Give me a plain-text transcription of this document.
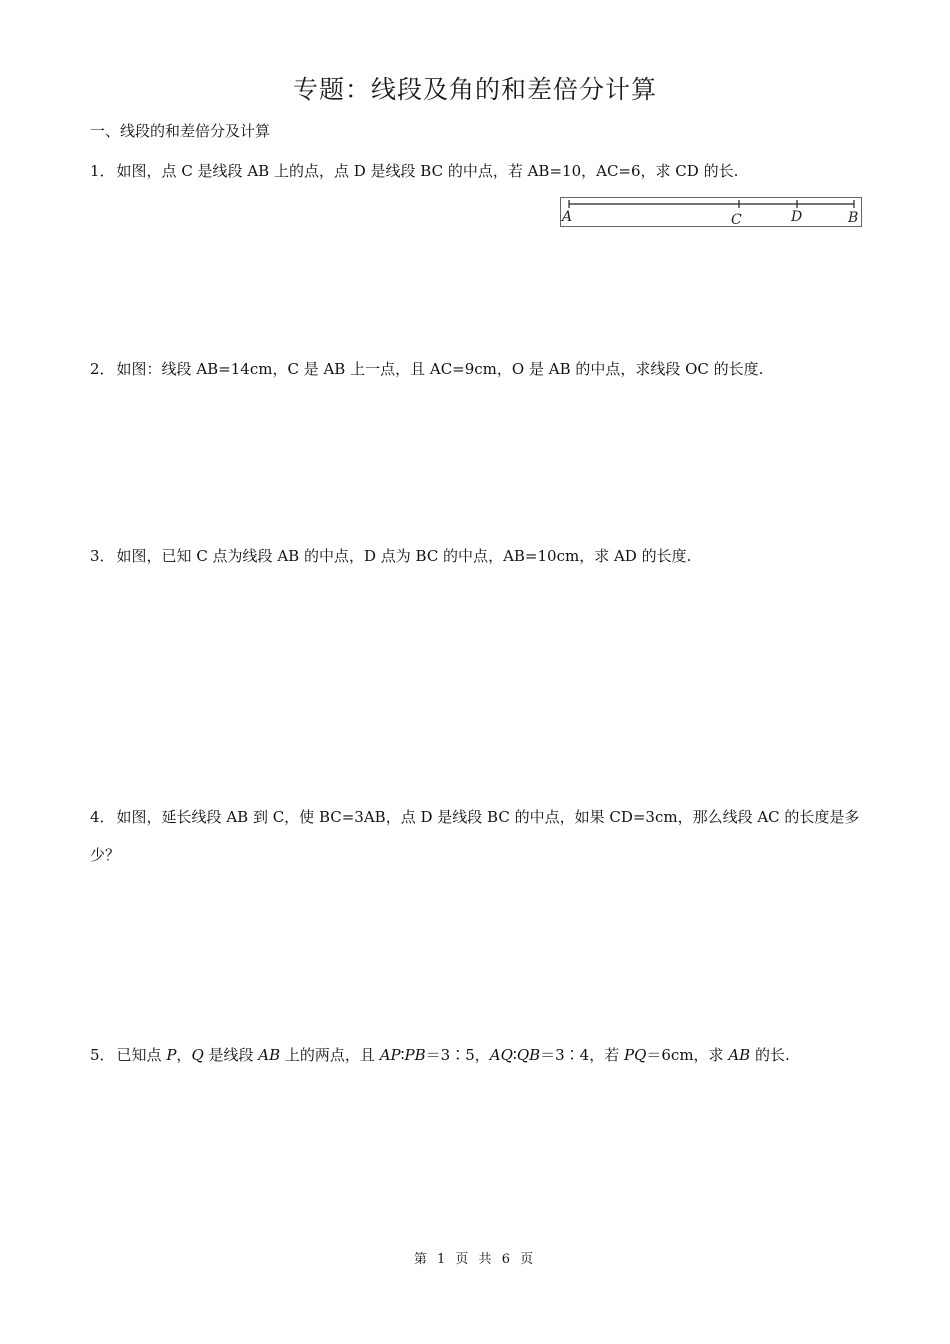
专题：线段及角的和差倍分计算
一、线段的和差倍分及计算
1． 如图，点 C 是线段 AB 上的点，点 D 是线段 BC 的中点，若 AB=10，AC=6，求 CD 的长.
A	C	D	B
2． 如图：线段 AB=14cm，C 是 AB 上一点，且 AC=9cm，O 是 AB 的中点，求线段 OC 的长度.
3． 如图，已知 C 点为线段 AB 的中点，D 点为 BC 的中点，AB=10cm，求 AD 的长度.
4． 如图，延长线段 AB 到 C，使 BC=3AB，点 D 是线段 BC 的中点，如果 CD=3cm，那么线段 AC 的长度是多少？
5． 已知点 P，Q 是线段 AB 上的两点，且 AP∶PB＝3∶5，AQ∶QB＝3∶4，若 PQ＝6cm，求 AB 的长.
第 1 页 共 6 页
